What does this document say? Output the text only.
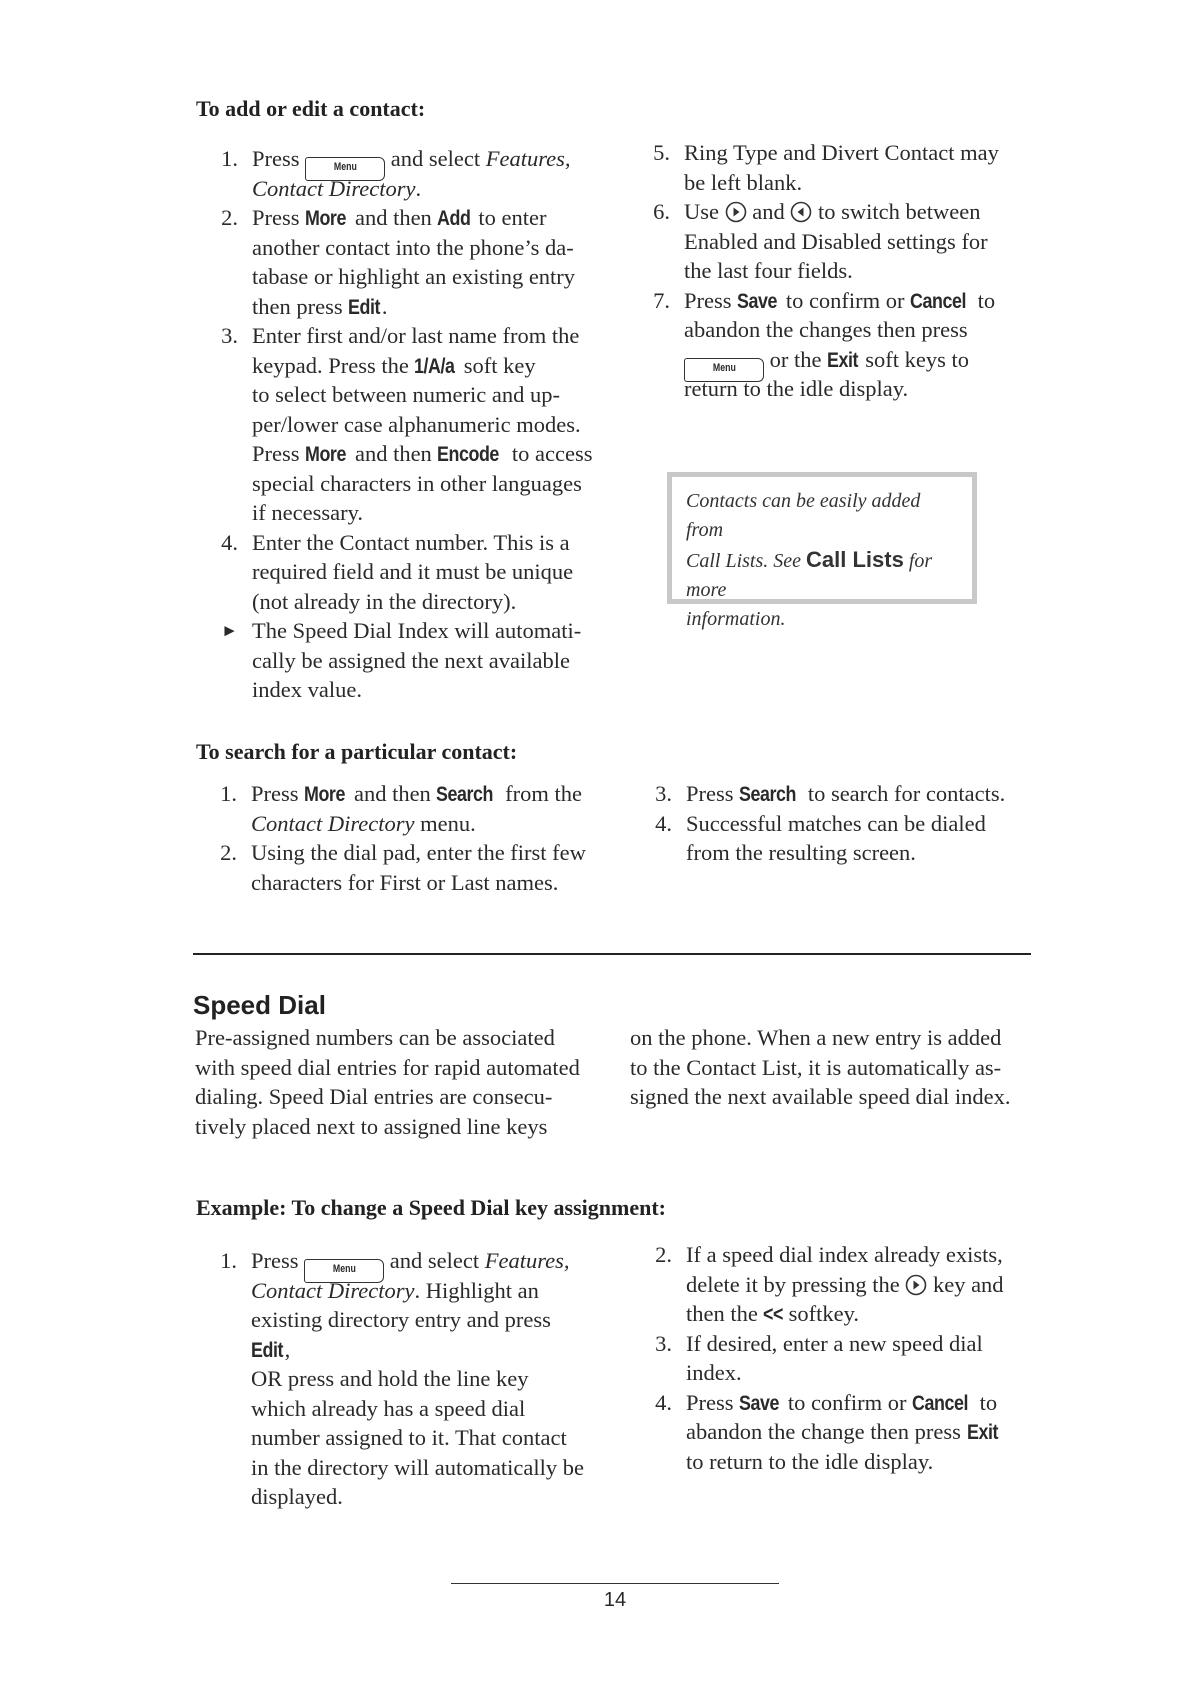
To add or edit a contact:
1. Press	Menu and select Features,
Contact Directory.
2. Press More and then Add to enter
another contact into the phone’s da-
tabase or highlight an existing entry
then press Edit.
3. Enter first and/or last name from the
keypad. Press the 1/A/a soft key
to select between numeric and up-
per/lower case alphanumeric modes.
Press More and then Encode to access
special characters in other languages
if necessary.
4. Enter the Contact number. This is a
required field and it must be unique
(not already in the directory).
► The Speed Dial Index will automati-
cally be assigned the next available
index value.
5. Ring Type and Divert Contact may
be left blank.
6. Use  and  to switch between
Enabled and Disabled settings for
the last four fields.
7. Press Save to confirm or Cancel to
abandon the changes then press
Menu or the Exit soft keys to
return to the idle display.
Contacts can be easily added from
Call Lists. See Call Lists for more
information.
To search for a particular contact:
1. Press More and then Search from the
Contact Directory menu.
2. Using the dial pad, enter the first few
characters for First or Last names.
3. Press Search to search for contacts.
4. Successful matches can be dialed
from the resulting screen.
Speed Dial
Pre-assigned numbers can be associated
with speed dial entries for rapid automated
dialing. Speed Dial entries are consecu-
tively placed next to assigned line keys
on the phone. When a new entry is added
to the Contact List, it is automatically as-
signed the next available speed dial index.
Example: To change a Speed Dial key assignment:
1. Press	Menu and select Features,
Contact Directory. Highlight an
existing directory entry and press
Edit,
OR press and hold the line key
which already has a speed dial
number assigned to it. That contact
in the directory will automatically be
displayed.
2. If a speed dial index already exists,
delete it by pressing the  key and
then the << softkey.
3. If desired, enter a new speed dial
index.
4. Press Save to confirm or Cancel to
abandon the change then press Exit
to return to the idle display.
14
